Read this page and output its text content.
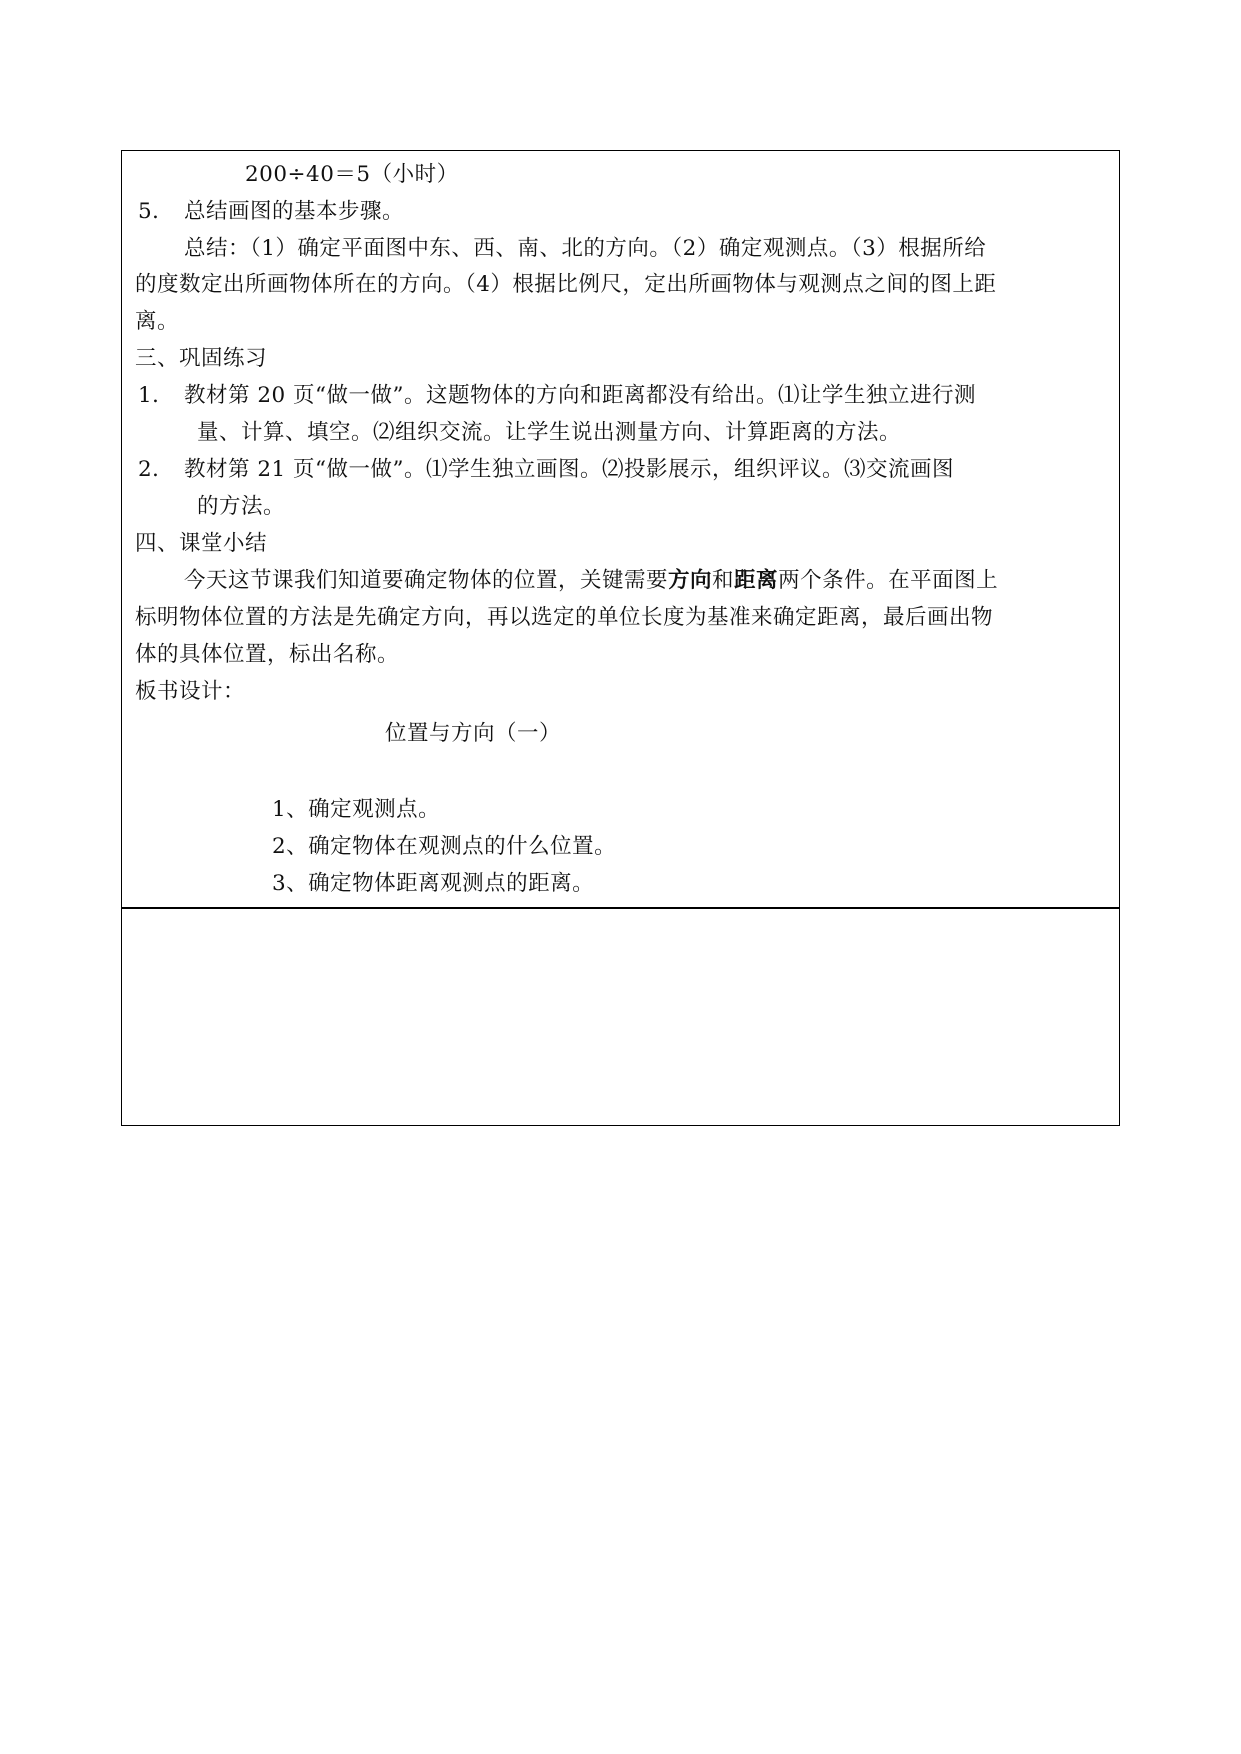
200÷40＝5（小时）
5． 总结画图的基本步骤。
总结：（1）确定平面图中东、西、南、北的方向。（2）确定观测点。（3）根据所给
的度数定出所画物体所在的方向。（4）根据比例尺，定出所画物体与观测点之间的图上距
离。
三、巩固练习
1． 教材第 20 页“做一做”。这题物体的方向和距离都没有给出。⑴让学生独立进行测
量、计算、填空。⑵组织交流。让学生说出测量方向、计算距离的方法。
2． 教材第 21 页“做一做”。⑴学生独立画图。⑵投影展示，组织评议。⑶交流画图
的方法。
四、课堂小结
今天这节课我们知道要确定物体的位置，关键需要方向和距离两个条件。在平面图上
标明物体位置的方法是先确定方向，再以选定的单位长度为基准来确定距离，最后画出物
体的具体位置，标出名称。
板书设计：
位置与方向（一）
1、确定观测点。
2、确定物体在观测点的什么位置。
3、确定物体距离观测点的距离。
